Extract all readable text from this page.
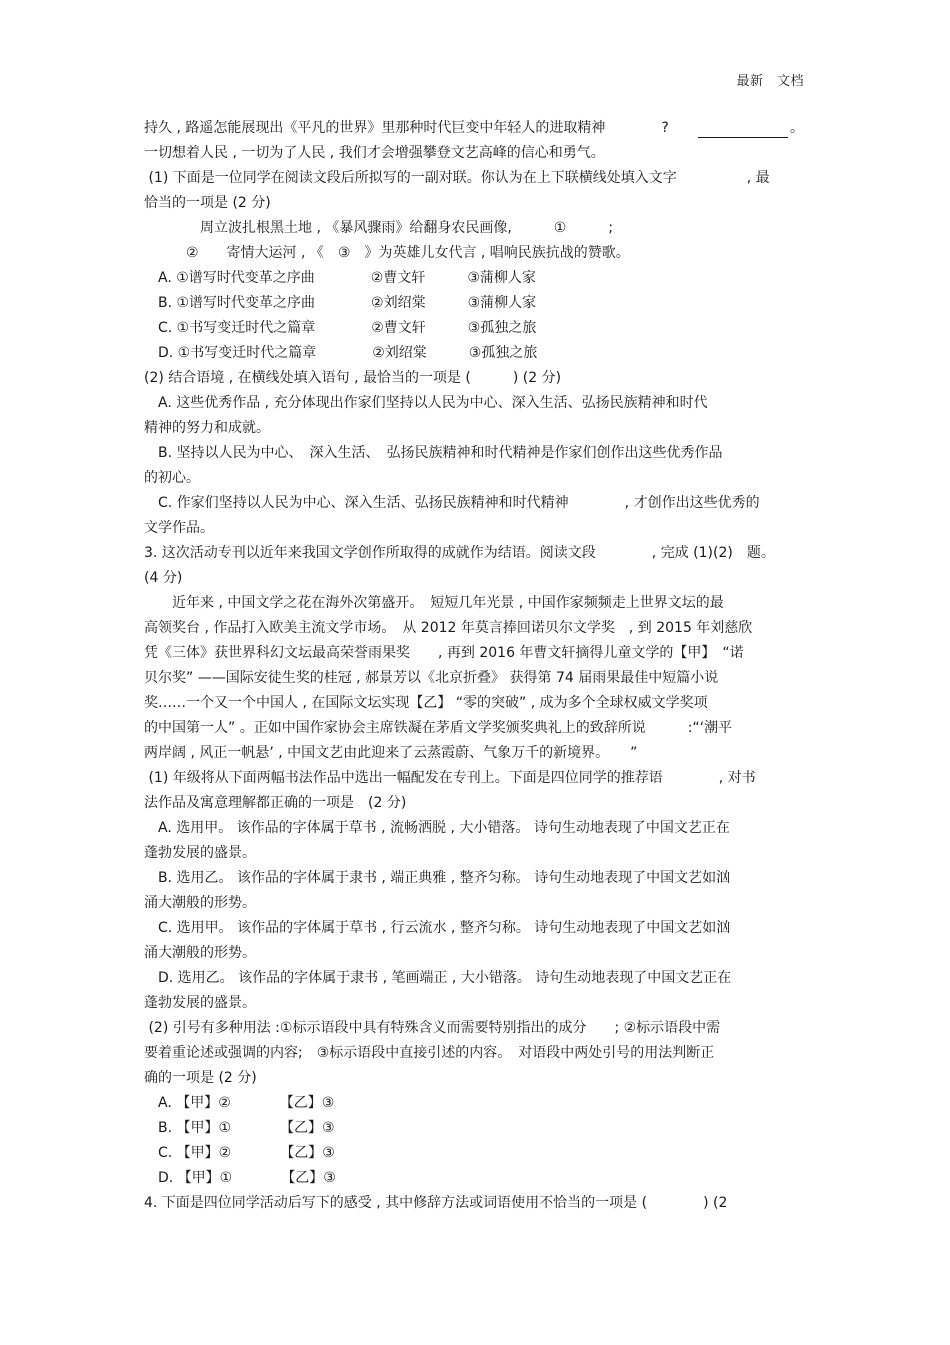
最新　文档
持久 , 路遥怎能展现出《平凡的世界》里那种时代巨变中年轻人的进取精神　　　　?
一切想着人民 , 一切为了人民 , 我们才会增强攀登文艺高峰的信心和勇气。
(1) 下面是一位同学在阅读文段后所拟写的一副对联。你认为在上下联横线处填入文字　　　　　, 最
恰当的一项是 (2 分)
　　　　周立波扎根黑土地 , 《暴风骤雨》给翻身农民画像,　　　①　　　;
　　　②　　寄情大运河 , 《　③　》为英雄儿女代言 , 唱响民族抗战的赞歌。
　A. ①谱写时代变革之序曲　　　　②曹文轩　　　③蒲柳人家
　B. ①谱写时代变革之序曲　　　　②刘绍棠　　　③蒲柳人家
　C. ①书写变迁时代之篇章　　　　②曹文轩　　　③孤独之旅
　D. ①书写变迁时代之篇章　　　　②刘绍棠　　　③孤独之旅
(2) 结合语境 , 在横线处填入语句 , 最恰当的一项是 (　　　) (2 分)
　A. 这些优秀作品 , 充分体现出作家们坚持以人民为中心、深入生活、弘扬民族精神和时代
精神的努力和成就。
　B. 坚持以人民为中心、　深入生活、　弘扬民族精神和时代精神是作家们创作出这些优秀作品
的初心。
　C. 作家们坚持以人民为中心、深入生活、弘扬民族精神和时代精神　　　　, 才创作出这些优秀的
文学作品。
3. 这次活动专刊以近年来我国文学创作所取得的成就作为结语。阅读文段　　　　, 完成 (1)(2)　题。
(4 分)
　　近年来 , 中国文学之花在海外次第盛开。　短短几年光景 , 中国作家频频走上世界文坛的最
高领奖台 , 作品打入欧美主流文学市场。　从 2012 年莫言捧回诺贝尔文学奖　, 到 2015 年刘慈欣
凭《三体》获世界科幻文坛最高荣誉雨果奖　　, 再到 2016 年曹文轩摘得儿童文学的【甲】　“诺
贝尔奖” ——国际安徒生奖的桂冠 , 郝景芳以《北京折叠》 获得第 74 届雨果最佳中短篇小说
奖……一个又一个中国人 , 在国际文坛实现【乙】 “零的突破” , 成为多个全球权威文学奖项
的中国第一人” 。正如中国作家协会主席铁凝在茅盾文学奖颁奖典礼上的致辞所说　　　:“‘潮平
两岸阔 , 风正一帆悬’ , 中国文艺由此迎来了云蒸霞蔚、气象万千的新境界。　　”
(1) 年级将从下面两幅书法作品中选出一幅配发在专刊上。下面是四位同学的推荐语　　　　, 对书
法作品及寓意理解都正确的一项是　(2 分)
　A. 选用甲。 该作品的字体属于草书 , 流畅洒脱 , 大小错落。 诗句生动地表现了中国文艺正在
蓬勃发展的盛景。
　B. 选用乙。 该作品的字体属于隶书 , 端正典雅 , 整齐匀称。 诗句生动地表现了中国文艺如汹
涌大潮般的形势。
　C. 选用甲。 该作品的字体属于草书 , 行云流水 , 整齐匀称。 诗句生动地表现了中国文艺如汹
涌大潮般的形势。
　D. 选用乙。 该作品的字体属于隶书 , 笔画端正 , 大小错落。 诗句生动地表现了中国文艺正在
蓬勃发展的盛景。
(2) 引号有多种用法 :①标示语段中具有特殊含义而需要特别指出的成分　　; ②标示语段中需
要着重论述或强调的内容;　③标示语段中直接引述的内容。　对语段中两处引号的用法判断正
确的一项是 (2 分)
　A. 【甲】②　　　　【乙】③
　B. 【甲】①　　　　【乙】③
　C. 【甲】②　　　　【乙】③
　D. 【甲】①　　　　【乙】③
4. 下面是四位同学活动后写下的感受 , 其中修辞方法或词语使用不恰当的一项是 (　　　　) (2
。
